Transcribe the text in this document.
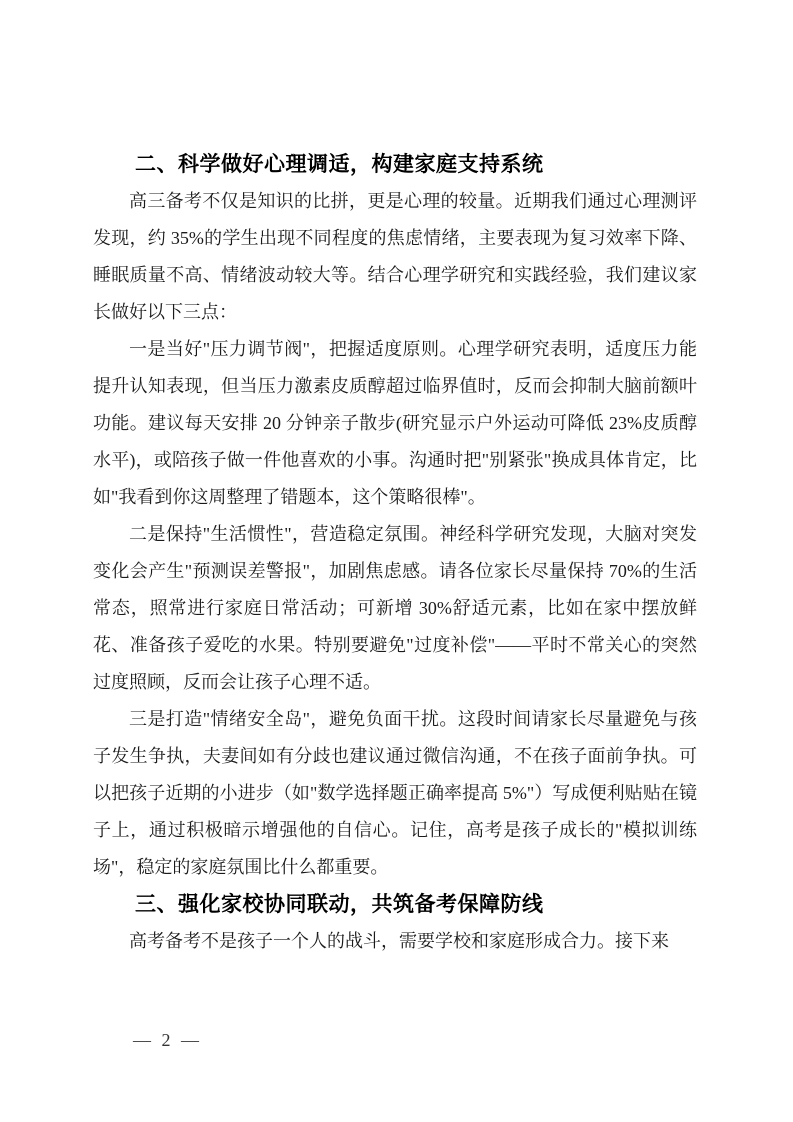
二、科学做好心理调适，构建家庭支持系统

高三备考不仅是知识的比拼，更是心理的较量。近期我们通过心理测评发现，约 35%的学生出现不同程度的焦虑情绪，主要表现为复习效率下降、睡眠质量不高、情绪波动较大等。结合心理学研究和实践经验，我们建议家长做好以下三点：

一是当好"压力调节阀"，把握适度原则。心理学研究表明，适度压力能提升认知表现，但当压力激素皮质醇超过临界值时，反而会抑制大脑前额叶功能。建议每天安排 20 分钟亲子散步(研究显示户外运动可降低 23%皮质醇水平)，或陪孩子做一件他喜欢的小事。沟通时把"别紧张"换成具体肯定，比如"我看到你这周整理了错题本，这个策略很棒"。

二是保持"生活惯性"，营造稳定氛围。神经科学研究发现，大脑对突发变化会产生"预测误差警报"，加剧焦虑感。请各位家长尽量保持 70%的生活常态，照常进行家庭日常活动；可新增 30%舒适元素，比如在家中摆放鲜花、准备孩子爱吃的水果。特别要避免"过度补偿"——平时不常关心的突然过度照顾，反而会让孩子心理不适。

三是打造"情绪安全岛"，避免负面干扰。这段时间请家长尽量避免与孩子发生争执，夫妻间如有分歧也建议通过微信沟通，不在孩子面前争执。可以把孩子近期的小进步（如"数学选择题正确率提高 5%"）写成便利贴贴在镜子上，通过积极暗示增强他的自信心。记住，高考是孩子成长的"模拟训练场"，稳定的家庭氛围比什么都重要。

三、强化家校协同联动，共筑备考保障防线

高考备考不是孩子一个人的战斗，需要学校和家庭形成合力。接下来

— 2 —
